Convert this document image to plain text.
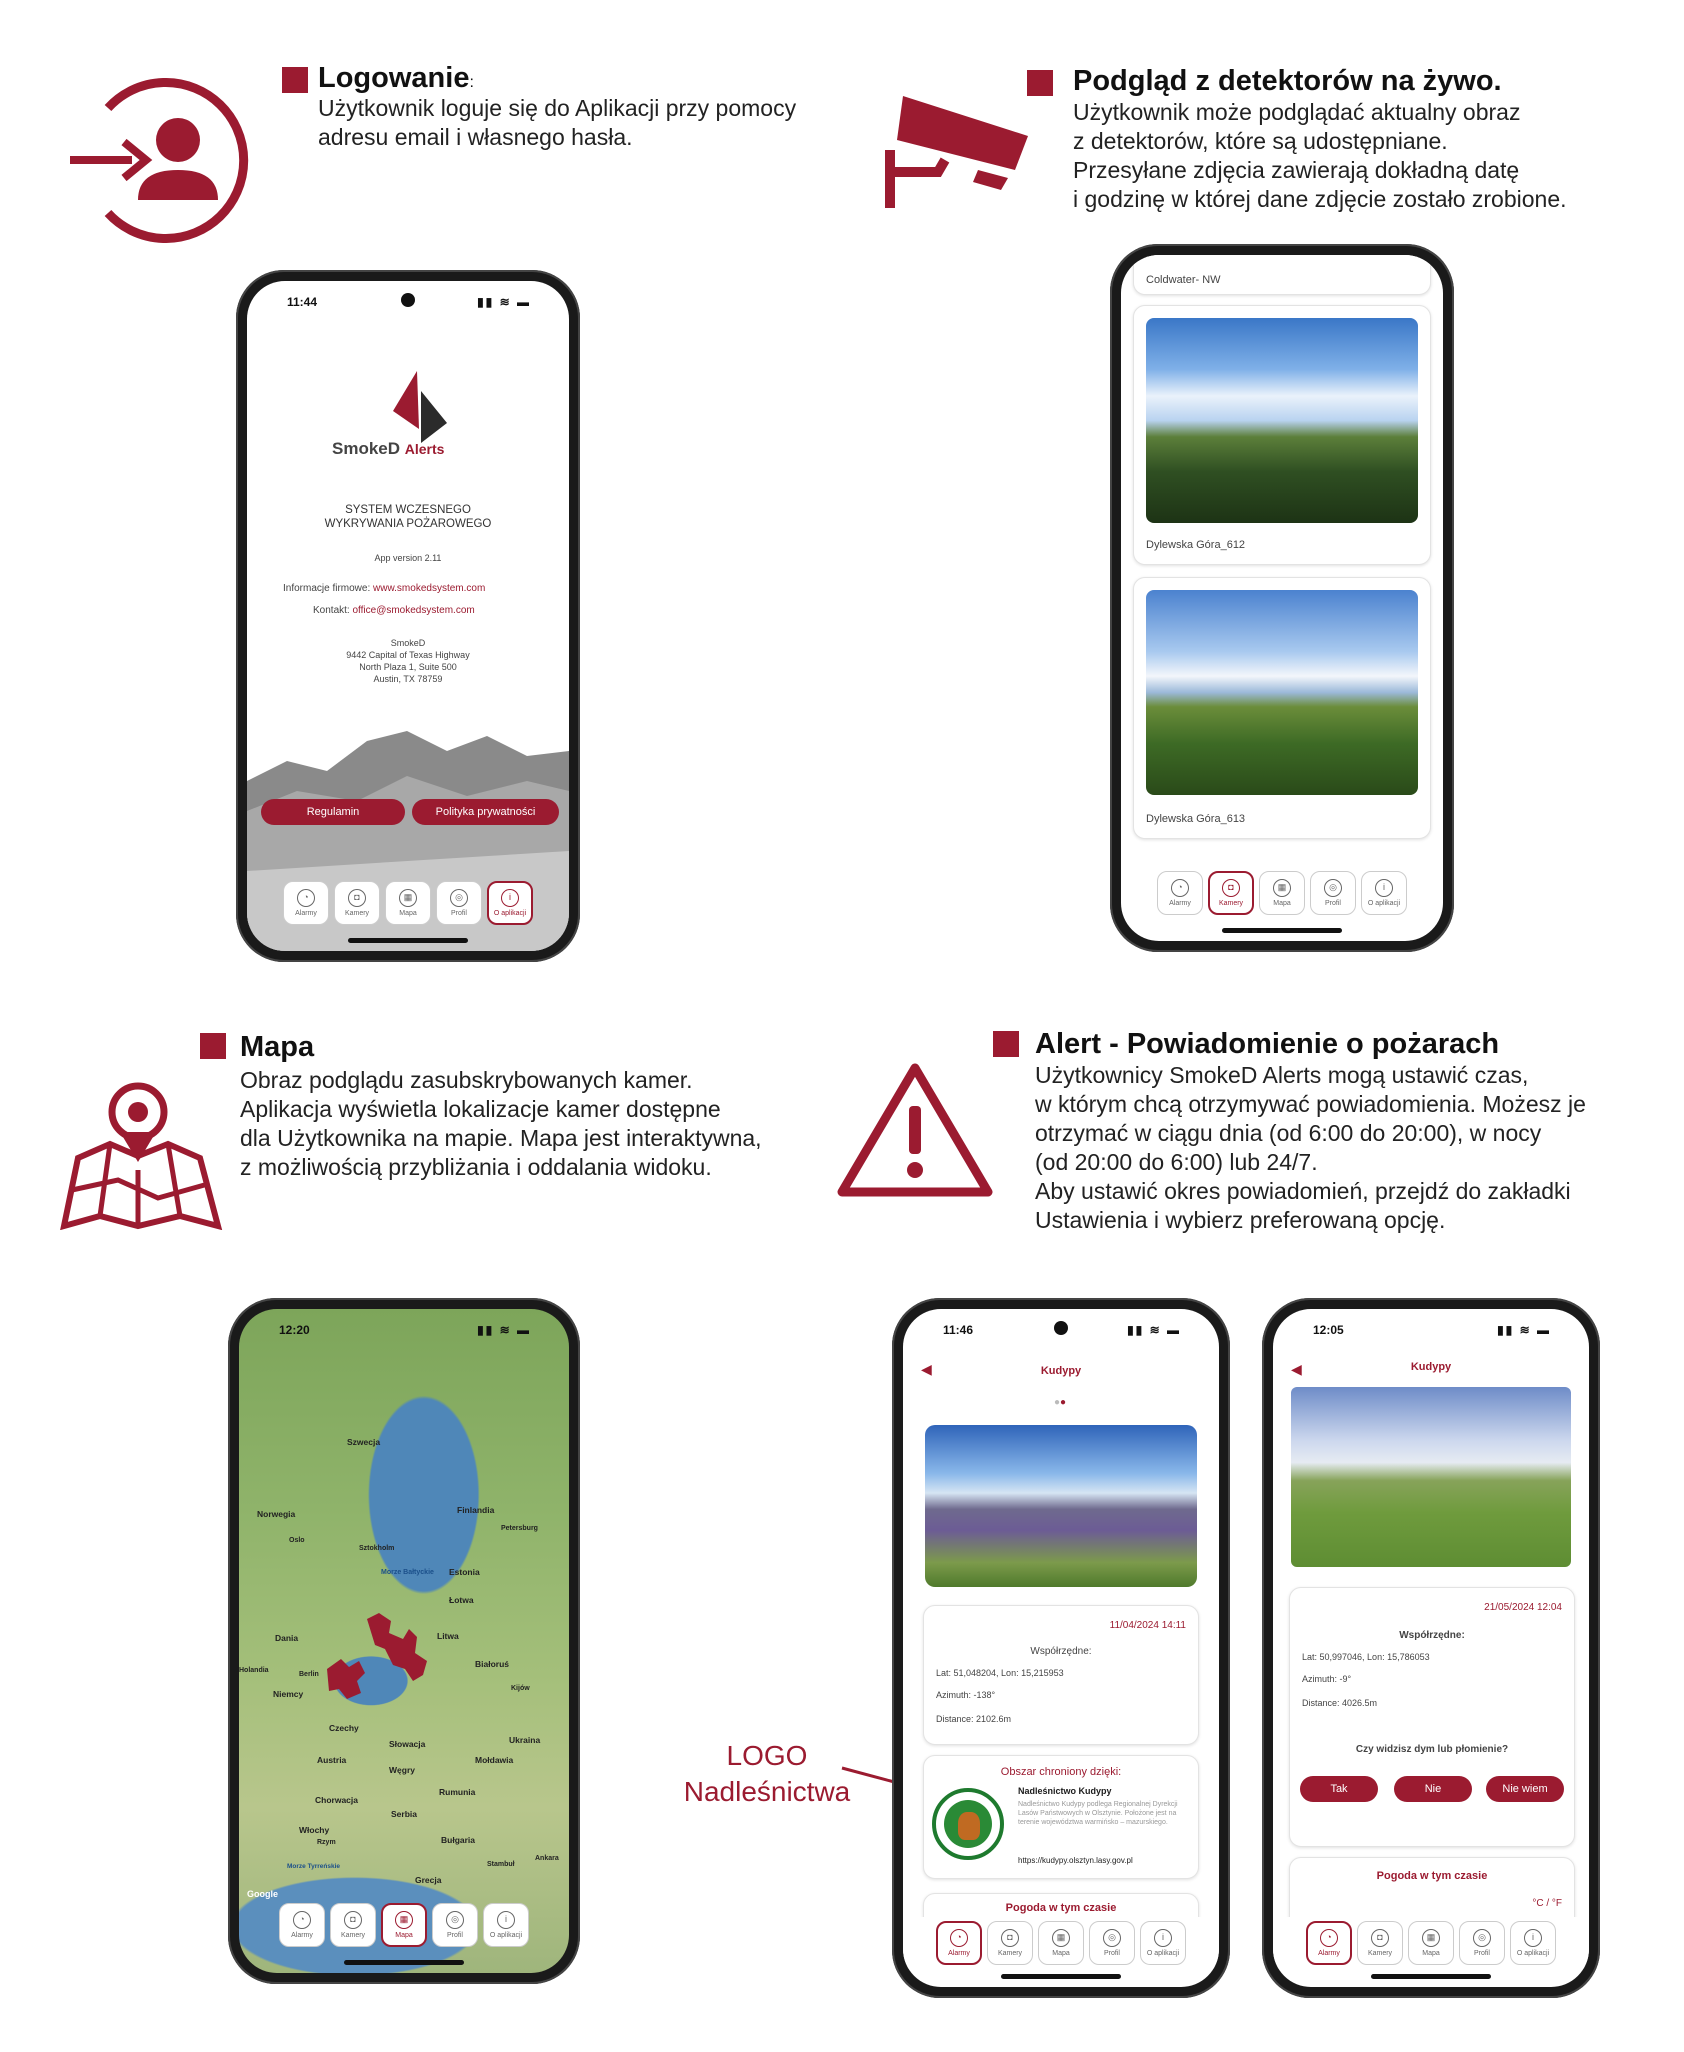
Logowanie:
Użytkownik loguje się do Aplikacji przy pomocy
adresu email i własnego hasła.
Podgląd z detektorów na żywo.
Użytkownik może podglądać aktualny obraz
z detektorów, które są udostępniane.
Przesyłane zdjęcia zawierają dokładną datę
i godzinę w której dane zdjęcie zostało zrobione.
11:44	▮▮ ≋ ▬
SmokeD Alerts
SYSTEM WCZESNEGO
WYKRYWANIA POŻAROWEGO
App version 2.11
Informacje firmowe: www.smokedsystem.com
Kontakt: office@smokedsystem.com
SmokeD
9442 Capital of Texas Highway
North Plaza 1, Suite 500
Austin, TX 78759
Regulamin	Polityka prywatności
◔
Alarmy
◘
Kamery
▦
Mapa
◎
Profil
i
O aplikacji
Coldwater- NW
Dylewska Góra_612
Dylewska Góra_613
◔
Alarmy
◘
Kamery
▦
Mapa
◎
Profil
i
O aplikacji
Mapa
Obraz podglądu zasubskrybowanych kamer.
Aplikacja wyświetla lokalizacje kamer dostępne
dla Użytkownika na mapie. Mapa jest interaktywna,
z możliwością przybliżania i oddalania widoku.
Alert - Powiadomienie o pożarach
Użytkownicy SmokeD Alerts mogą ustawić czas,
w którym chcą otrzymywać powiadomienia. Możesz je
otrzymać w ciągu dnia (od 6:00 do 20:00), w nocy
(od 20:00 do 6:00) lub 24/7.
Aby ustawić okres powiadomień, przejdź do zakładki
Ustawienia i wybierz preferowaną opcję.
12:20	▮▮ ≋ ▬
Szwecja
Norwegia
Oslo
Finlandia
Petersburg
Sztokholm
Morze Bałtyckie Estonia
Łotwa
Dania	Litwa
Białoruś
Berlin
Niemcy
Kijów
Czechy
Słowacja	Ukraina
Austria
Węgry
Mołdawia
Chorwacja
Rumunia
Serbia
Bułgaria
Włochy
Grecja
Ankara
Stambuł
Rzym
Morze Tyrreńskie
Holandia
Google
◔
Alarmy
◘
Kamery
▦
Mapa
◎
Profil
i
O aplikacji
LOGO
Nadleśnictwa
11:46	▮▮ ≋ ▬
◀	Kudypy
●●
11/04/2024 14:11
Współrzędne:
Lat: 51,048204, Lon: 15,215953
Azimuth: -138°
Distance: 2102.6m
Obszar chroniony dzięki:
Nadleśnictwo Kudypy
Nadleśnictwo Kudypy podlega Regionalnej Dyrekcji Lasów Państwowych w Olsztynie. Położone jest na terenie województwa warmińsko – mazurskiego.
https://kudypy.olsztyn.lasy.gov.pl
Pogoda w tym czasie
◔
Alarmy
◘
Kamery
▦
Mapa
◎
Profil
i
O aplikacji
12:05	▮▮ ≋ ▬
◀	Kudypy
21/05/2024 12:04
Współrzędne:
Lat: 50,997046, Lon: 15,786053
Azimuth: -9°
Distance: 4026.5m
Czy widzisz dym lub płomienie?
Tak	Nie	Nie wiem
Pogoda w tym czasie
°C / °F
◔
Alarmy
◘
Kamery
▦
Mapa
◎
Profil
i
O aplikacji
